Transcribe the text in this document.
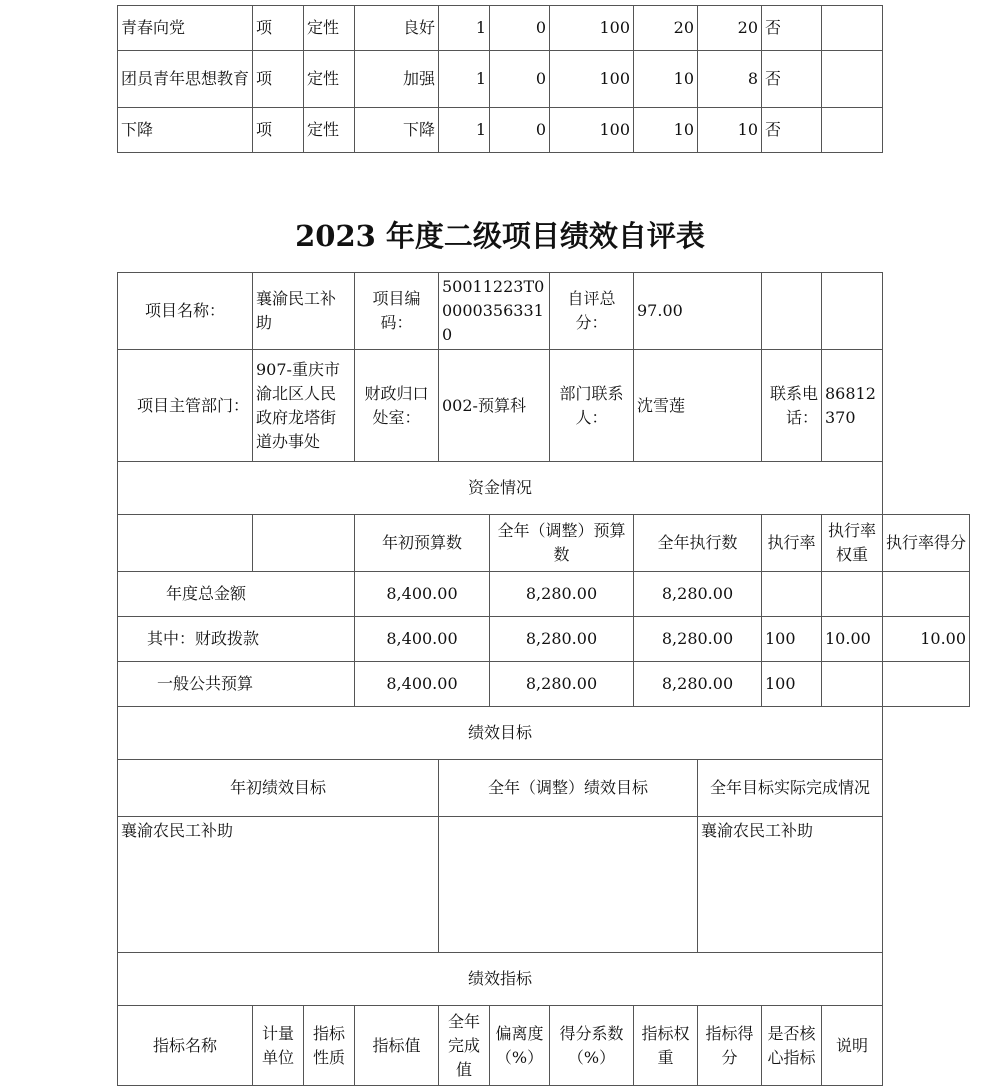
青春向党	项	定性	良好	1	0	100	20	20	否	
团员青年思想教育	项	定性	加强	1	0	100	10	8	否	
下降	项	定性	下降	1	0	100	10	10	否	
2023 年度二级项目绩效自评表
项目名称：	襄渝民工补助		项目编码：	50011223T000003563310		自评总分：	97.00				
项目主管部门：	907-重庆市渝北区人民政府龙塔街道办事处		财政归口处室：	002-预算科		部门联系人：	沈雪莲		联系电话：	86812370	
资金情况											
			年初预算数		全年（调整）预算数		全年执行数		执行率	执行率权重	执行率得分
年度总金额			8,400.00		8,280.00		8,280.00				
其中：财政拨款			8,400.00		8,280.00		8,280.00		100	10.00	10.00
一般公共预算			8,400.00		8,280.00		8,280.00		100		
绩效目标											
年初绩效目标				全年（调整）绩效目标				全年目标实际完成情况			
襄渝农民工补助								襄渝农民工补助			
绩效指标											
指标名称	计量单位	指标性质	指标值	全年完成值	偏离度（%）	得分系数（%）	指标权重	指标得分	是否核心指标	说明	
